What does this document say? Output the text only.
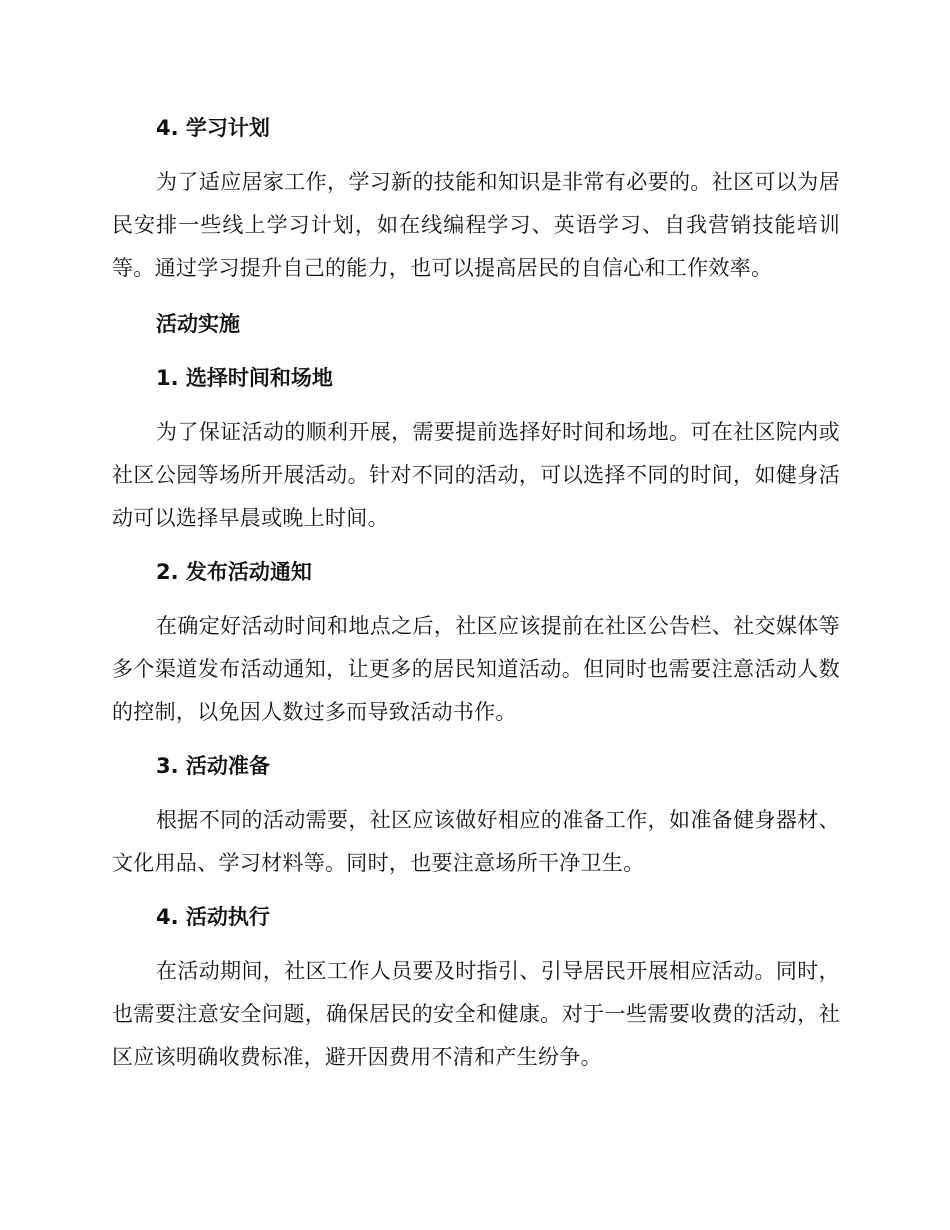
4. 学习计划

为了适应居家工作，学习新的技能和知识是非常有必要的。社区可以为居民安排一些线上学习计划，如在线编程学习、英语学习、自我营销技能培训等。通过学习提升自己的能力，也可以提高居民的自信心和工作效率。

活动实施
1. 选择时间和场地

为了保证活动的顺利开展，需要提前选择好时间和场地。可在社区院内或社区公园等场所开展活动。针对不同的活动，可以选择不同的时间，如健身活动可以选择早晨或晚上时间。

2. 发布活动通知

在确定好活动时间和地点之后，社区应该提前在社区公告栏、社交媒体等多个渠道发布活动通知，让更多的居民知道活动。但同时也需要注意活动人数的控制，以免因人数过多而导致活动书作。

3. 活动准备

根据不同的活动需要，社区应该做好相应的准备工作，如准备健身器材、文化用品、学习材料等。同时，也要注意场所干净卫生。

4. 活动执行

在活动期间，社区工作人员要及时指引、引导居民开展相应活动。同时，也需要注意安全问题，确保居民的安全和健康。对于一些需要收费的活动，社区应该明确收费标准，避开因费用不清和产生纷争。
